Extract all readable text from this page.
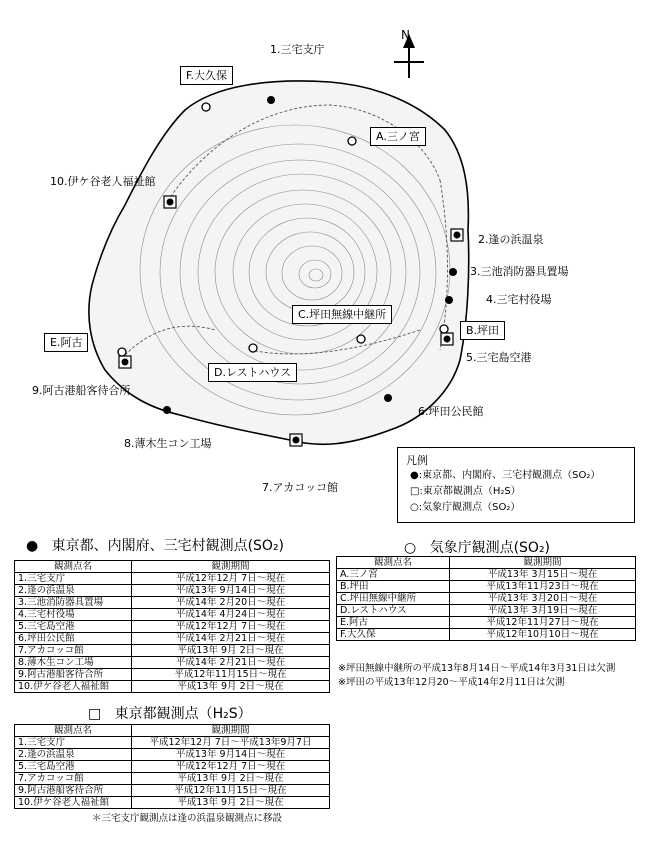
N
1.三宅支庁
2.逢の浜温泉
3.三池消防器具置場
4.三宅村役場
5.三宅島空港
6.坪田公民館
7.アカコッコ館
8.薄木生コン工場
9.阿古港船客待合所
10.伊ケ谷老人福祉館
A.三ノ宮
B.坪田
C.坪田無線中継所
D.レストハウス
E.阿古
F.大久保
凡例
●:東京都、内閣府、三宅村観測点（SO₂）
□:東京都観測点（H₂S）
○:気象庁観測点（SO₂）
● 東京都、内閣府、三宅村観測点(SO₂)
観測点名	観測期間
1.三宅支庁	平成12年12月 7日～現在
2.逢の浜温泉	平成13年 9月14日～現在
3.三池消防器具置場	平成14年 2月20日～現在
4.三宅村役場	平成14年 4月24日～現在
5.三宅島空港	平成12年12月 7日～現在
6.坪田公民館	平成14年 2月21日～現在
7.アカコッコ館	平成13年 9月 2日～現在
8.薄木生コン工場	平成14年 2月21日～現在
9.阿古港船客待合所	平成12年11月15日～現在
10.伊ケ谷老人福祉館	平成13年 9月 2日～現在
○ 気象庁観測点(SO₂)
観測点名	観測期間
A.三ノ宮	平成13年 3月15日～現在
B.坪田	平成13年11月23日～現在
C.坪田無線中継所	平成13年 3月20日～現在
D.レストハウス	平成13年 3月19日～現在
E.阿古	平成12年11月27日～現在
F.大久保	平成12年10月10日～現在
※坪田無線中継所の平成13年8月14日～平成14年3月31日は欠測
※坪田の平成13年12月20～平成14年2月11日は欠測
□ 東京都観測点（H₂S）
観測点名	観測期間
1.三宅支庁	平成12年12月 7日～平成13年9月7日
2.逢の浜温泉	平成13年 9月14日～現在
5.三宅島空港	平成12年12月 7日～現在
7.アカコッコ館	平成13年 9月 2日～現在
9.阿古港船客待合所	平成12年11月15日～現在
10.伊ケ谷老人福祉館	平成13年 9月 2日～現在
＊三宅支庁観測点は逢の浜温泉観測点に移設
